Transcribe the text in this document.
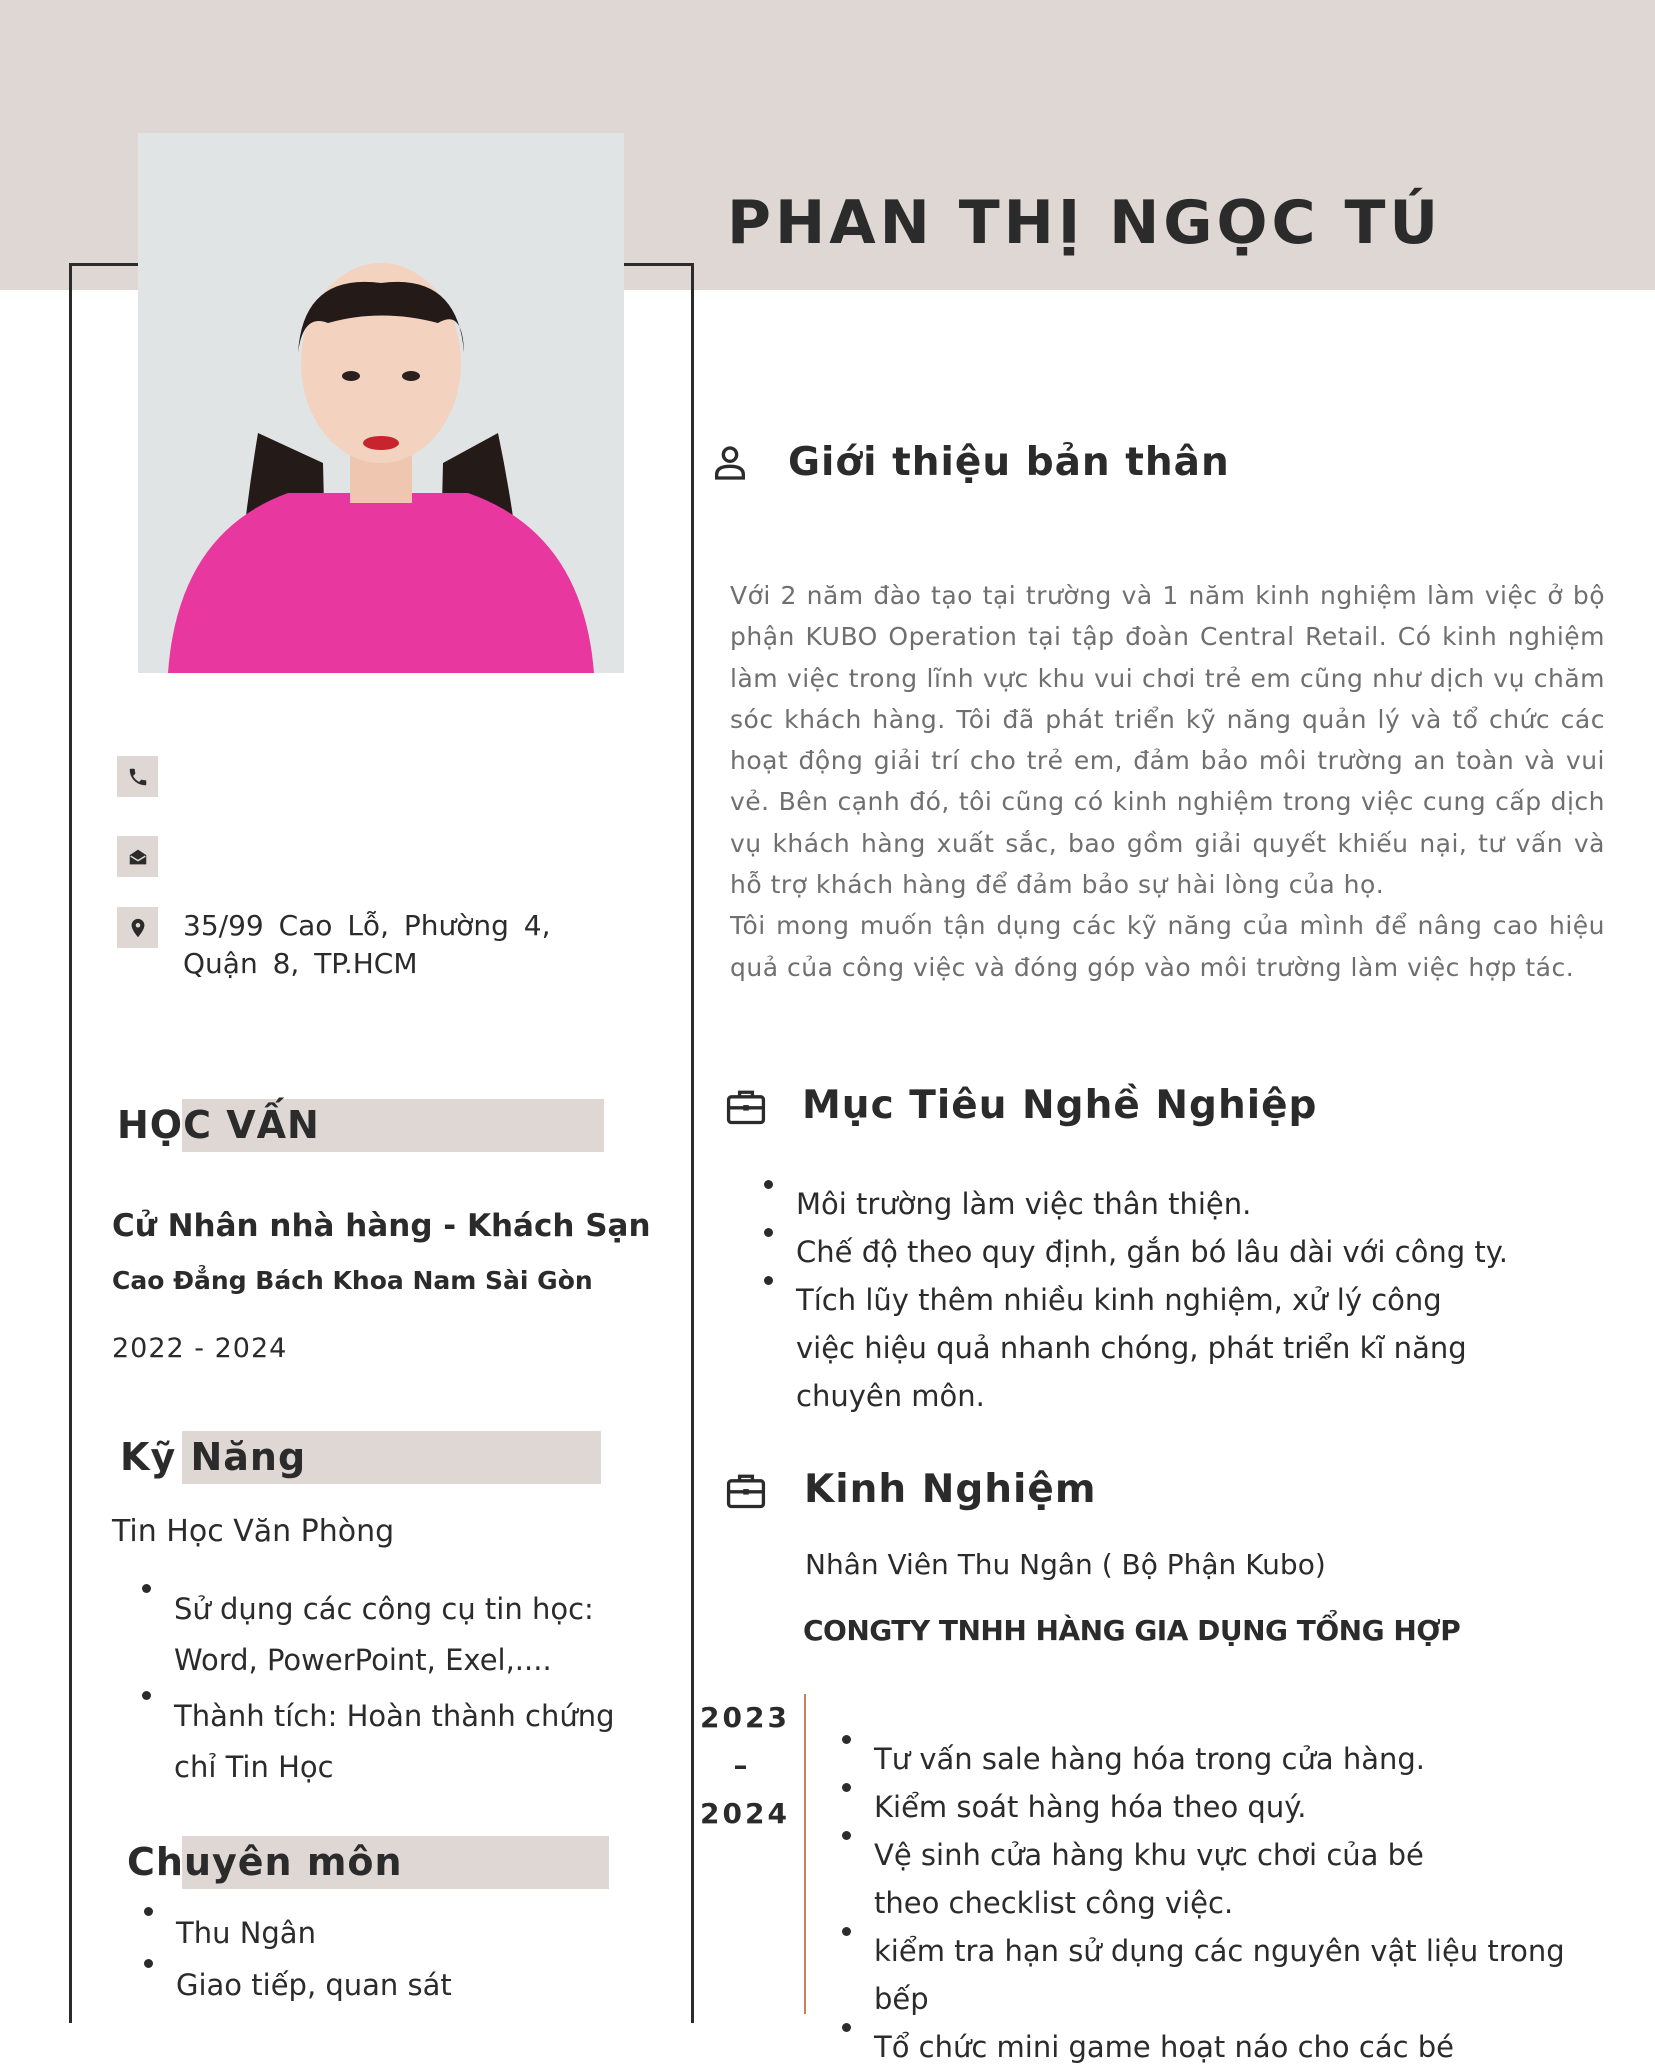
PHAN THỊ NGỌC TÚ
35/99 Cao Lỗ, Phường 4, Quận 8, TP.HCM
HỌC VẤN
Cử Nhân nhà hàng - Khách Sạn
Cao Đẳng Bách Khoa Nam Sài Gòn
2022 - 2024
Kỹ Năng
Tin Học Văn Phòng
Sử dụng các công cụ tin học: Word, PowerPoint, Exel,....
Thành tích: Hoàn thành chứng chỉ Tin Học
Chuyên môn
Thu Ngân
Giao tiếp, quan sát
Giới thiệu bản thân
Với 2 năm đào tạo tại trường và 1 năm kinh nghiệm làm việc ở bộ phận KUBO Operation tại tập đoàn Central Retail. Có kinh nghiệm làm việc trong lĩnh vực khu vui chơi trẻ em cũng như dịch vụ chăm sóc khách hàng. Tôi đã phát triển kỹ năng quản lý và tổ chức các hoạt động giải trí cho trẻ em, đảm bảo môi trường an toàn và vui vẻ. Bên cạnh đó, tôi cũng có kinh nghiệm trong việc cung cấp dịch vụ khách hàng xuất sắc, bao gồm giải quyết khiếu nại, tư vấn và hỗ trợ khách hàng để đảm bảo sự hài lòng của họ.
Tôi mong muốn tận dụng các kỹ năng của mình để nâng cao hiệu quả của công việc và đóng góp vào môi trường làm việc hợp tác.
Mục Tiêu Nghề Nghiệp
Môi trường làm việc thân thiện.
Chế độ theo quy định, gắn bó lâu dài với công ty.
Tích lũy thêm nhiều kinh nghiệm, xử lý công việc hiệu quả nhanh chóng, phát triển kĩ năng chuyên môn.
Kinh Nghiệm
Nhân Viên Thu Ngân ( Bộ Phận Kubo)
CONGTY TNHH HÀNG GIA DỤNG TỔNG HỢP
2023
–
2024
Tư vấn sale hàng hóa trong cửa hàng.
Kiểm soát hàng hóa theo quý.
Vệ sinh cửa hàng khu vực chơi của bé theo checklist công việc.
kiểm tra hạn sử dụng các nguyên vật liệu trong bếp
Tổ chức mini game hoạt náo cho các bé
